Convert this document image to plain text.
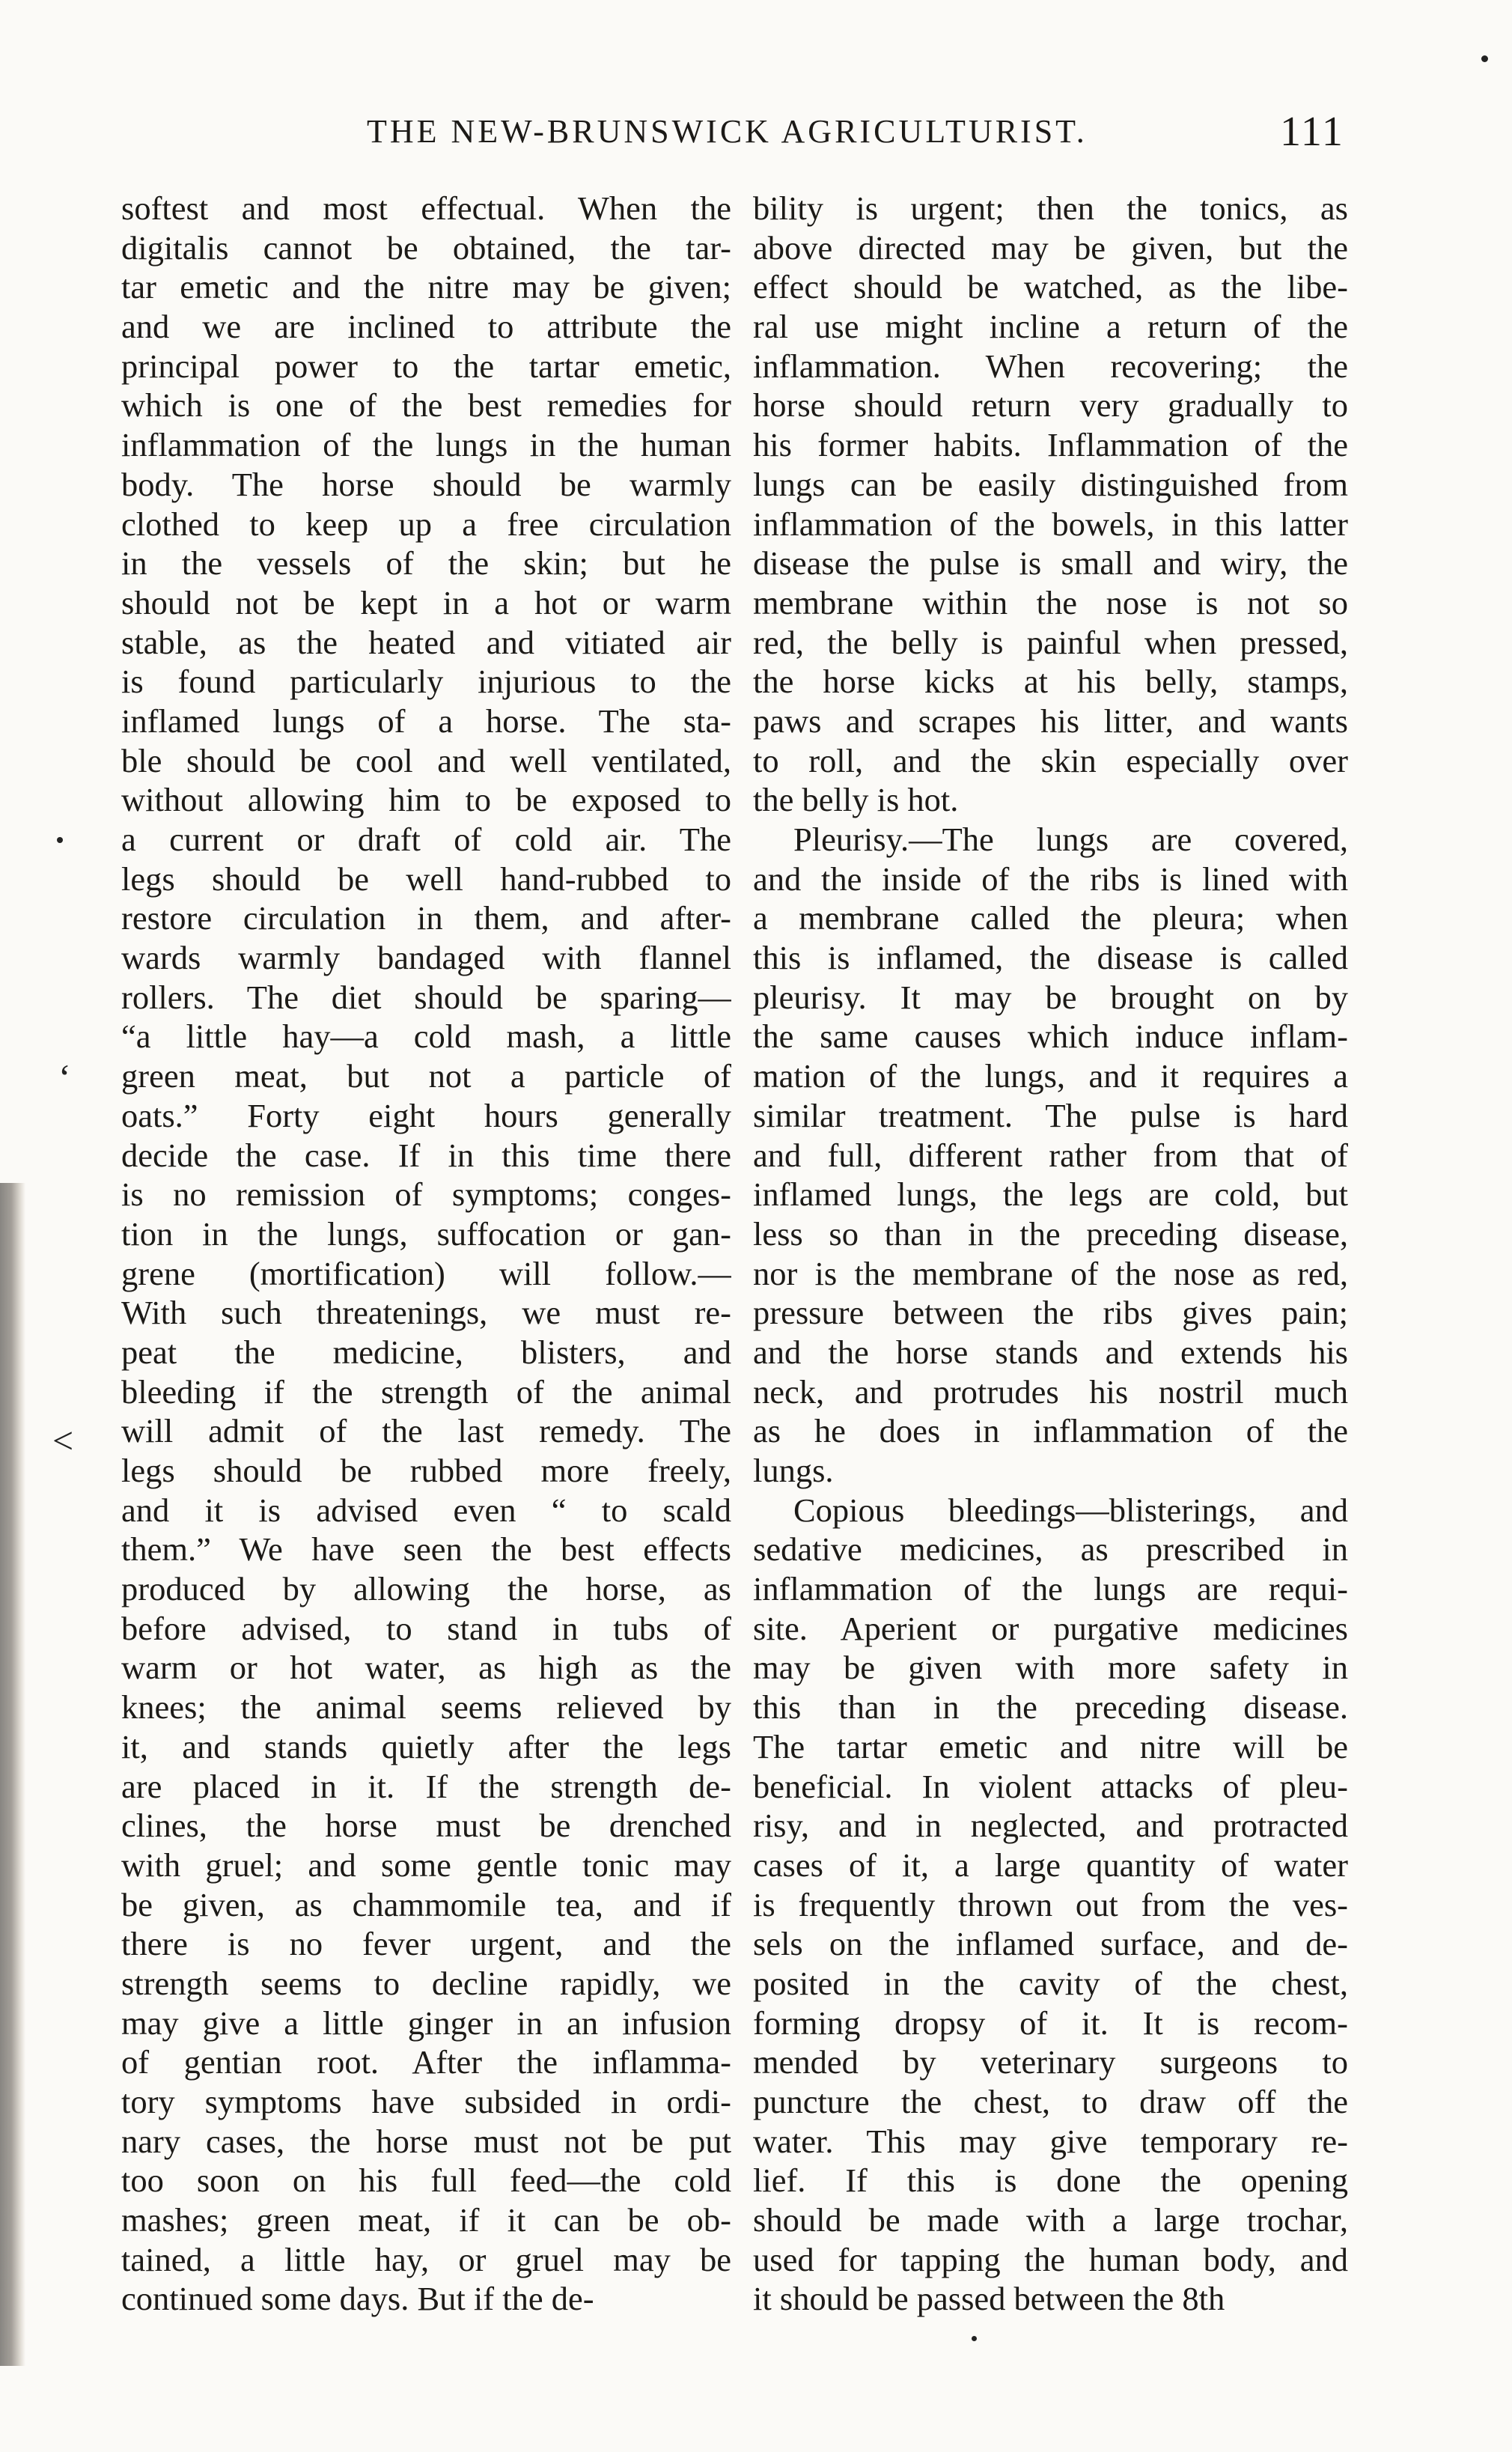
ʻ
˂
THE NEW-BRUNSWICK AGRICULTURIST.	111
softest and most effectual. When the
digitalis cannot be obtained, the tar-
tar emetic and the nitre may be given;
and we are inclined to attribute the
principal power to the tartar emetic,
which is one of the best remedies for
inflammation of the lungs in the human
body. The horse should be warmly
clothed to keep up a free circulation
in the vessels of the skin; but he
should not be kept in a hot or warm
stable, as the heated and vitiated air
is found particularly injurious to the
inflamed lungs of a horse. The sta-
ble should be cool and well ventilated,
without allowing him to be exposed to
a current or draft of cold air. The
legs should be well hand-rubbed to
restore circulation in them, and after-
wards warmly bandaged with flannel
rollers. The diet should be sparing—
“a little hay—a cold mash, a little
green meat, but not a particle of
oats.” Forty eight hours generally
decide the case. If in this time there
is no remission of symptoms; conges-
tion in the lungs, suffocation or gan-
grene (mortification) will follow.—
With such threatenings, we must re-
peat the medicine, blisters, and
bleeding if the strength of the animal
will admit of the last remedy. The
legs should be rubbed more freely,
and it is advised even “ to scald
them.” We have seen the best effects
produced by allowing the horse, as
before advised, to stand in tubs of
warm or hot water, as high as the
knees; the animal seems relieved by
it, and stands quietly after the legs
are placed in it. If the strength de-
clines, the horse must be drenched
with gruel; and some gentle tonic may
be given, as chammomile tea, and if
there is no fever urgent, and the
strength seems to decline rapidly, we
may give a little ginger in an infusion
of gentian root. After the inflamma-
tory symptoms have subsided in ordi-
nary cases, the horse must not be put
too soon on his full feed—the cold
mashes; green meat, if it can be ob-
tained, a little hay, or gruel may be
continued some days. But if the de-
bility is urgent; then the tonics, as
above directed may be given, but the
effect should be watched, as the libe-
ral use might incline a return of the
inflammation. When recovering; the
horse should return very gradually to
his former habits. Inflammation of the
lungs can be easily distinguished from
inflammation of the bowels, in this latter
disease the pulse is small and wiry, the
membrane within the nose is not so
red, the belly is painful when pressed,
the horse kicks at his belly, stamps,
paws and scrapes his litter, and wants
to roll, and the skin especially over
the belly is hot.
Pleurisy.—The lungs are covered,
and the inside of the ribs is lined with
a membrane called the pleura; when
this is inflamed, the disease is called
pleurisy. It may be brought on by
the same causes which induce inflam-
mation of the lungs, and it requires a
similar treatment. The pulse is hard
and full, different rather from that of
inflamed lungs, the legs are cold, but
less so than in the preceding disease,
nor is the membrane of the nose as red,
pressure between the ribs gives pain;
and the horse stands and extends his
neck, and protrudes his nostril much
as he does in inflammation of the
lungs.
Copious bleedings—blisterings, and
sedative medicines, as prescribed in
inflammation of the lungs are requi-
site. Aperient or purgative medicines
may be given with more safety in
this than in the preceding disease.
The tartar emetic and nitre will be
beneficial. In violent attacks of pleu-
risy, and in neglected, and protracted
cases of it, a large quantity of water
is frequently thrown out from the ves-
sels on the inflamed surface, and de-
posited in the cavity of the chest,
forming dropsy of it. It is recom-
mended by veterinary surgeons to
puncture the chest, to draw off the
water. This may give temporary re-
lief. If this is done the opening
should be made with a large trochar,
used for tapping the human body, and
it should be passed between the 8th
